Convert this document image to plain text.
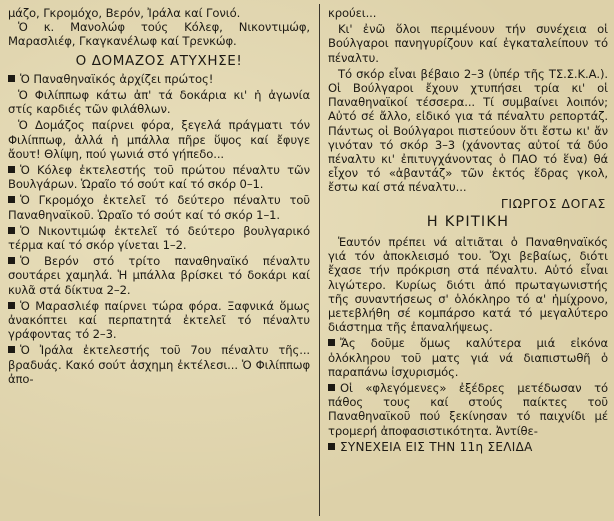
μάζο, Γκρομόχο, Βερόν, Ἰράλα καί Γονιό.

Ὁ κ. Μανολώφ τούς Κόλεφ, Νικοντιμώφ, Μαρασλιέφ, Γκαγκανέλωφ καί Τρενκώφ.

Ο ΔΟΜΑΖΟΣ ΑΤΥΧΗΣΕ!

Ὁ Παναθηναϊκός ἀρχίζει πρώτος!

Ὁ Φιλίππωφ κάτω ἀπ' τά δοκάρια κι' ἡ ἀγωνία στίς καρδιές τῶν φιλάθλων.

Ὁ Δομάζος παίρνει φόρα, ξεγελά πράγματι τόν Φιλίππωφ, ἀλλά ἡ μπάλλα πῆρε ὕψος καί ἔφυγε ἄουτ! Θλίψη, πού γωνιά στό γήπεδο...

Ὁ Κόλεφ ἐκτελεστής τοῦ πρώτου πέναλτυ τῶν Βουλγάρων. Ὡραῖο τό σούτ καί τό σκόρ 0–1.

Ὁ Γκρομόχο ἐκτελεῖ τό δεύτερο πέναλτυ τοῦ Παναθηναϊκοῦ. Ὡραῖο τό σούτ καί τό σκόρ 1–1.

Ὁ Νικοντιμώφ ἐκτελεῖ τό δεύτερο βουλγαρικό τέρμα καί τό σκόρ γίνεται 1–2.

Ὁ Βερόν στό τρίτο παναθηναϊκό πέναλτυ σουτάρει χαμηλά. Ἡ μπάλλα βρίσκει τό δοκάρι καί κυλᾶ στά δίκτυα 2–2.

Ὁ Μαρασλιέφ παίρνει τώρα φόρα. Ξαφνικά ὅμως ἀνακόπτει καί περπατητά ἐκτελεῖ τό πέναλτυ γράφοντας τό 2–3.

Ὁ Ἰράλα ἐκτελεστής τοῦ 7ου πέναλτυ τῆς... βραδυάς. Κακό σούτ ἀσχημη ἐκτέλεσι... Ὁ Φιλίππωφ ἀπο-

κρούει...

Κι' ἐνῶ ὅλοι περιμένουν τήν συνέχεια οἱ Βούλγαροι πανηγυρίζουν καί ἐγκαταλείπουν τό πέναλτυ.

Τό σκόρ εἶναι βέβαιο 2–3 (ὑπέρ τῆς ΤΣ.Σ.Κ.Α.). Οἱ Βούλγαροι ἔχουν χτυπήσει τρία κι' οἱ Παναθηναϊκοί τέσσερα... Τί συμβαίνει λοιπόν; Αὐτό σέ ἄλλο, εἰδικό για τά πέναλτυ ρεπορτάζ. Πάντως οἱ Βούλγαροι πιστεύουν ὅτι ἔστω κι' ἄν γινόταν τό σκόρ 3–3 (χάνοντας αὐτοί τά δύο πέναλτυ κι' ἐπιτυγχάνοντας ὁ ΠΑΟ τό ἕνα) θά εἶχον τό «ἀβαντάζ» τῶν ἐκτός ἕδρας γκολ, ἔστω καί στά πέναλτυ...

ΓΙΩΡΓΟΣ ΔΟΓΑΣ
Η ΚΡΙΤΙΚΗ

Ἑαυτόν πρέπει νά αἰτιᾶται ὁ Παναθηναϊκός γιά τόν ἀποκλεισμό του. Ὄχι βεβαίως, διότι ἔχασε τήν πρόκριση στά πέναλτυ. Αὐτό εἶναι λιγώτερο. Κυρίως διότι ἀπό πρωταγωνιστής τῆς συναντήσεως σ' ὁλόκληρο τό α' ἡμίχρονο, μετεβλήθη σέ κομπάρσο κατά τό μεγαλύτερο διάστημα τῆς ἐπαναλήψεως.

Ἄς δοῦμε ὅμως καλύτερα μιά εἰκόνα ὁλόκληρου τοῦ ματς γιά νά διαπιστωθῆ ὁ παραπάνω ἰσχυρισμός.

Οἱ «φλεγόμενες» ἐξέδρες μετέδωσαν τό πάθος τους καί στούς παίκτες τοῦ Παναθηναϊκοῦ πού ξεκίνησαν τό παιχνίδι μέ τρομερή ἀποφασιστικότητα. Ἀντίθε-

ΣΥΝΕΧΕΙΑ ΕΙΣ ΤΗΝ 11η ΣΕΛΙΔΑ
